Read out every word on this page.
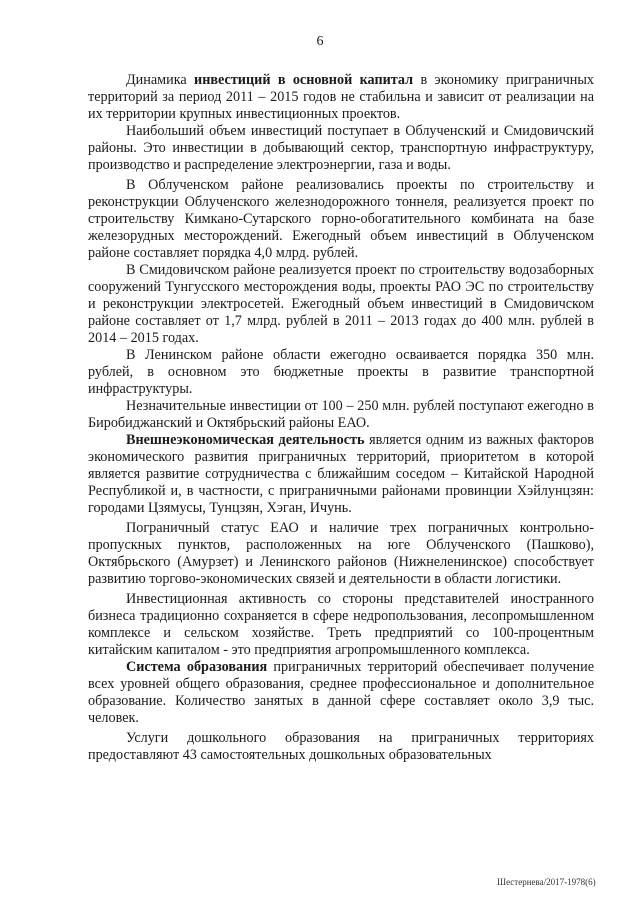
6

Динамика инвестиций в основной капитал в экономику приграничных территорий за период 2011 – 2015 годов не стабильна и зависит от реализации на их территории крупных инвестиционных проектов.

Наибольший объем инвестиций поступает в Облученский и Смидовичский районы. Это инвестиции в добывающий сектор, транспортную инфраструктуру, производство и распределение электроэнергии, газа и воды.

В Облученском районе реализовались проекты по строительству и реконструкции Облученского железнодорожного тоннеля, реализуется проект по строительству Кимкано-Сутарского горно-обогатительного комбината на базе железорудных месторождений. Ежегодный объем инвестиций в Облученском районе составляет порядка 4,0 млрд. рублей.

В Смидовичском районе реализуется проект по строительству водозаборных сооружений Тунгусского месторождения воды, проекты РАО ЭС по строительству и реконструкции электросетей. Ежегодный объем инвестиций в Смидовичском районе составляет от 1,7 млрд. рублей в 2011 – 2013 годах до 400 млн. рублей в 2014 – 2015 годах.

В Ленинском районе области ежегодно осваивается порядка 350 млн. рублей, в основном это бюджетные проекты в развитие транспортной инфраструктуры.

Незначительные инвестиции от 100 – 250 млн. рублей поступают ежегодно в Биробиджанский и Октябрьский районы ЕАО.

Внешнеэкономическая деятельность является одним из важных факторов экономического развития приграничных территорий, приоритетом в которой является развитие сотрудничества с ближайшим соседом – Китайской Народной Республикой и, в частности, с приграничными районами провинции Хэйлунцзян: городами Цзямусы, Тунцзян, Хэган, Ичунь.

Пограничный статус ЕАО и наличие трех пограничных контрольно-пропускных пунктов, расположенных на юге Облученского (Пашково), Октябрьского (Амурзет) и Ленинского районов (Нижнеленинское) способствует развитию торгово-экономических связей и деятельности в области логистики.

Инвестиционная активность со стороны представителей иностранного бизнеса традиционно сохраняется в сфере недропользования, лесопромышленном комплексе и сельском хозяйстве. Треть предприятий со 100-процентным китайским капиталом - это предприятия агропромышленного комплекса.

Система образования приграничных территорий обеспечивает получение всех уровней общего образования, среднее профессиональное и дополнительное образование. Количество занятых в данной сфере составляет около 3,9 тыс. человек.

Услуги дошкольного образования на приграничных территориях предоставляют 43 самостоятельных дошкольных образовательных

Шестернева/2017-1978(6)
